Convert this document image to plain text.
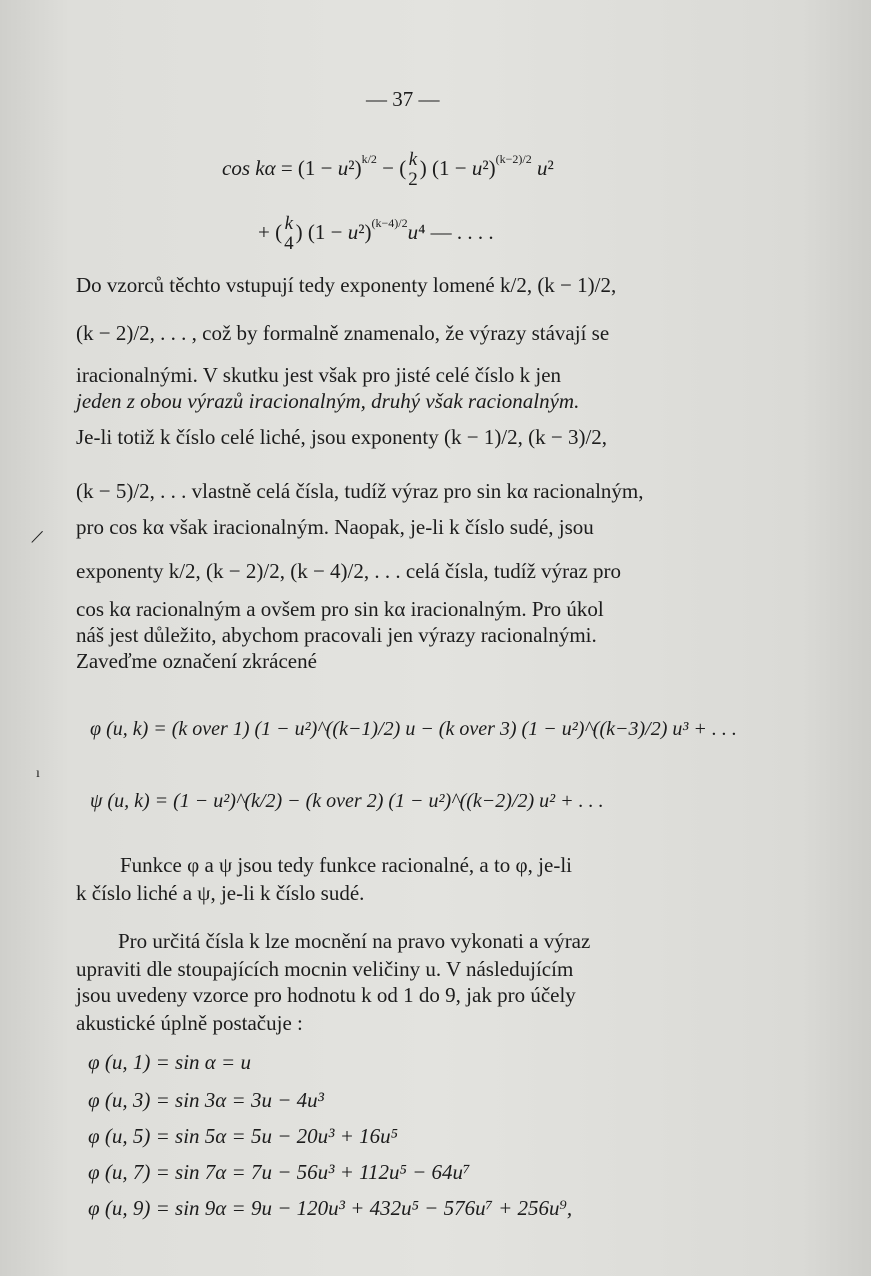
— 37 —
$\cos k\alpha = (1 - u^2)^{k/2}$ − ( k
2 ) $(1 - u^2)^{(k-2)/2}$ u²
+ ( k
4 ) $(1 - u^2)^{(k-4)/2}u^4$ — . . . .
Do vzorců těchto vstupují tedy exponenty lomené k/2, (k − 1)/2,
(k − 2)/2, . . . , což by formalně znamenalo, že výrazy stávají se
iracionalnými. V skutku jest však pro jisté celé číslo k jen
jeden z obou výrazů iracionalným, druhý však racionalným.
Je-li totiž k číslo celé liché, jsou exponenty (k − 1)/2, (k − 3)/2,
(k − 5)/2, . . . vlastně celá čísla, tudíž výraz pro sin kα racionalným,
pro cos kα však iracionalným. Naopak, je-li k číslo sudé, jsou
exponenty k/2, (k − 2)/2, (k − 4)/2, . . . celá čísla, tudíž výraz pro
cos kα racionalným a ovšem pro sin kα iracionalným. Pro úkol
náš jest důležito, abychom pracovali jen výrazy racionalnými.
Zaveďme označení zkrácené
φ (u, k) = (k over 1) (1 − u²)^((k−1)/2) u − (k over 3) (1 − u²)^((k−3)/2) u³ + . . .
ψ (u, k) = (1 − u²)^(k/2) − (k over 2) (1 − u²)^((k−2)/2) u² + . . .
Funkce φ a ψ jsou tedy funkce racionalné, a to φ, je-li
k číslo liché a ψ, je-li k číslo sudé.
Pro určitá čísla k lze mocnění na pravo vykonati a výraz
upraviti dle stoupajících mocnin veličiny u. V následujícím
jsou uvedeny vzorce pro hodnotu k od 1 do 9, jak pro účely
akustické úplně postačuje :
φ (u, 1) = sin α = u
φ (u, 3) = sin 3α = 3u − 4u³
φ (u, 5) = sin 5α = 5u − 20u³ + 16u⁵
φ (u, 7) = sin 7α = 7u − 56u³ + 112u⁵ − 64u⁷
φ (u, 9) = sin 9α = 9u − 120u³ + 432u⁵ − 576u⁷ + 256u⁹,
/
ı
